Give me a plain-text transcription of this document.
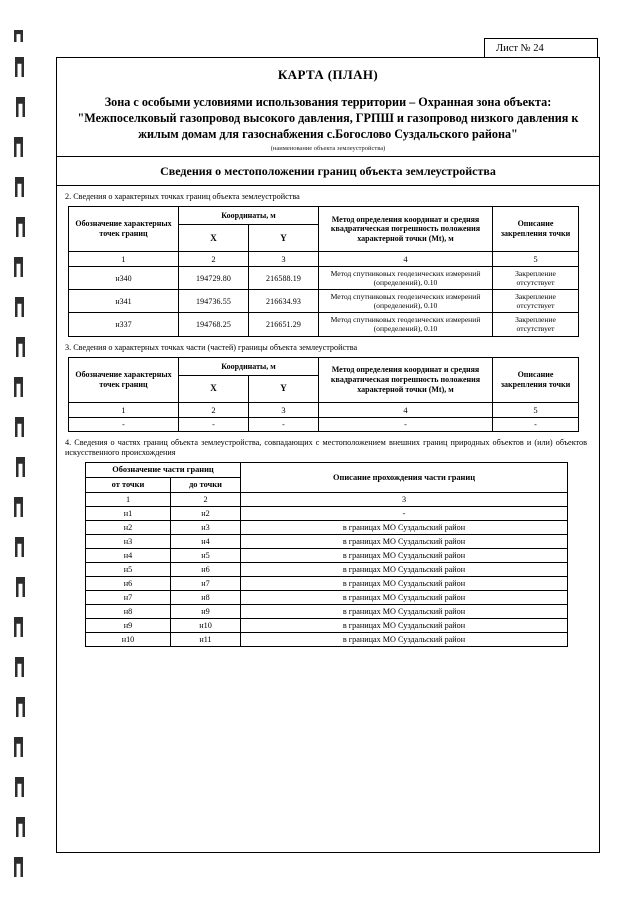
Лист № 24
КАРТА (ПЛАН)
Зона с особыми условиями использования территории – Охранная зона объекта: "Межпоселковый газопровод высокого давления, ГРПШ и газопровод низкого давления к жилым домам для газоснабжения с.Богослово Суздальского района"
(наименование объекта землеустройства)
Сведения о местоположении границ объекта землеустройства
2. Сведения о характерных точках границ объекта землеустройства
Обозначение характерных точек границ	Координаты, м		Метод определения координат и средняя квадратическая погрешность положения характерной точки (Mt), м	Описание закрепления точки
	X	Y		
1	2	3	4	5
н340	194729.80	216588.19	Метод спутниковых геодезических измерений (определений), 0.10	Закрепление отсутствует
н341	194736.55	216634.93	Метод спутниковых геодезических измерений (определений), 0.10	Закрепление отсутствует
н337	194768.25	216651.29	Метод спутниковых геодезических измерений (определений), 0.10	Закрепление отсутствует
3. Сведения о характерных точках части (частей) границы объекта землеустройства
Обозначение характерных точек границ	Координаты, м		Метод определения координат и средняя квадратическая погрешность положения характерной точки (Mt), м	Описание закрепления точки
	X	Y		
1	2	3	4	5
-	-	-	-	-
4. Сведения о частях границ объекта землеустройства, совпадающих с местоположением внешних границ природных объектов и (или) объектов искусственного происхождения
Обозначение части границ		Описание прохождения части границ
от точки	до точки	
1	2	3
н1	н2	-
н2	н3	в границах МО Суздальский район
н3	н4	в границах МО Суздальский район
н4	н5	в границах МО Суздальский район
н5	н6	в границах МО Суздальский район
н6	н7	в границах МО Суздальский район
н7	н8	в границах МО Суздальский район
н8	н9	в границах МО Суздальский район
н9	н10	в границах МО Суздальский район
н10	н11	в границах МО Суздальский район
